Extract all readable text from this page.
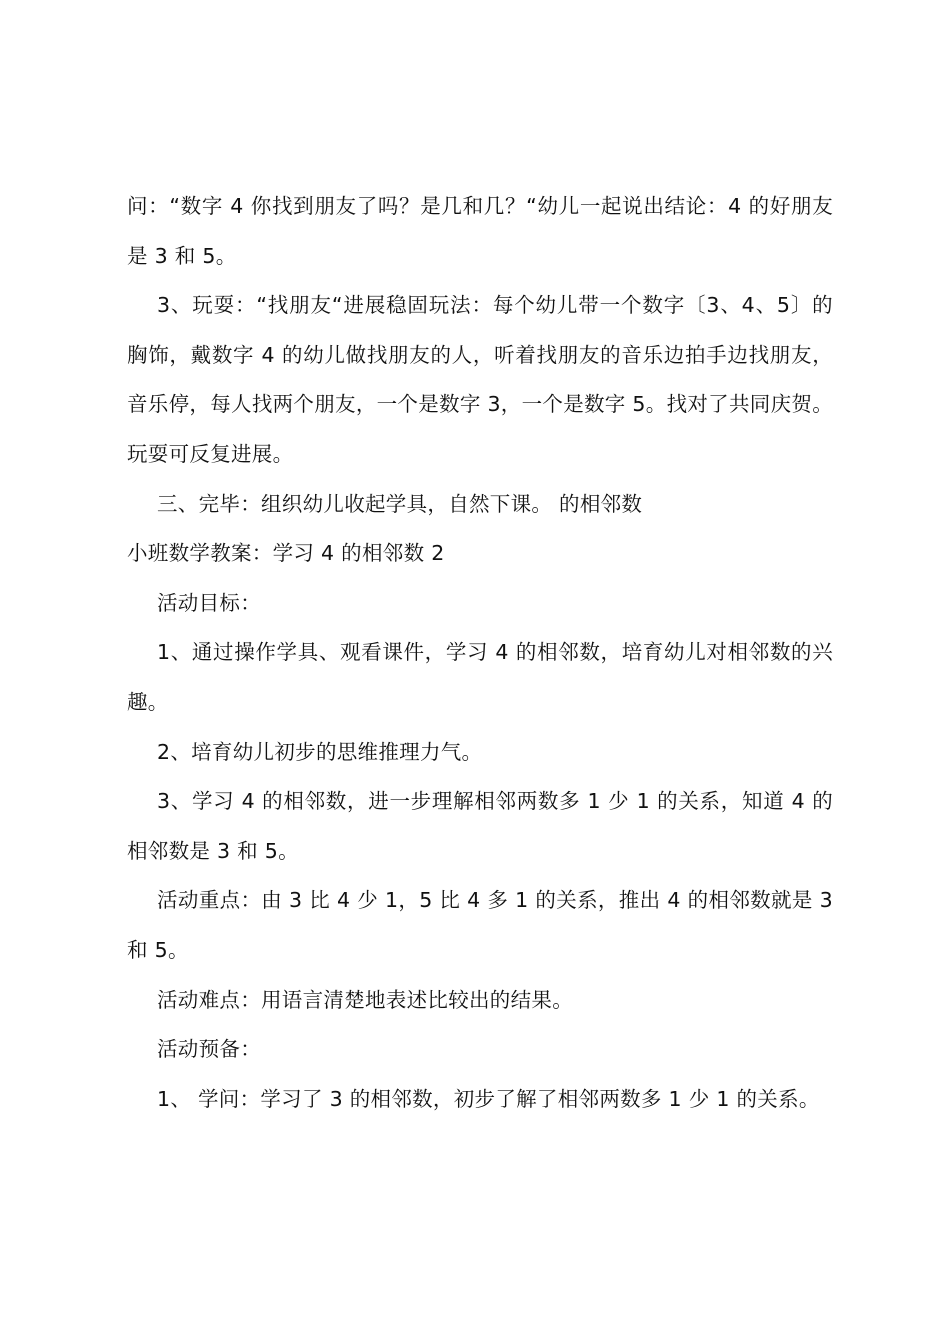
问：“数字 4 你找到朋友了吗？是几和几？“幼儿一起说出结论：4 的好朋友是 3 和 5。

3、玩耍：“找朋友“进展稳固玩法：每个幼儿带一个数字〔3、4、5〕的胸饰，戴数字 4 的幼儿做找朋友的人，听着找朋友的音乐边拍手边找朋友，音乐停，每人找两个朋友，一个是数字 3，一个是数字 5。找对了共同庆贺。玩耍可反复进展。

三、完毕：组织幼儿收起学具，自然下课。 的相邻数

小班数学教案：学习 4 的相邻数 2

活动目标：

1、通过操作学具、观看课件，学习 4 的相邻数，培育幼儿对相邻数的兴趣。

2、培育幼儿初步的思维推理力气。

3、学习 4 的相邻数，进一步理解相邻两数多 1 少 1 的关系，知道 4 的相邻数是 3 和 5。

活动重点：由 3 比 4 少 1，5 比 4 多 1 的关系，推出 4 的相邻数就是 3 和 5。

活动难点：用语言清楚地表述比较出的结果。

活动预备：

1、 学问：学习了 3 的相邻数，初步了解了相邻两数多 1 少 1 的关系。
